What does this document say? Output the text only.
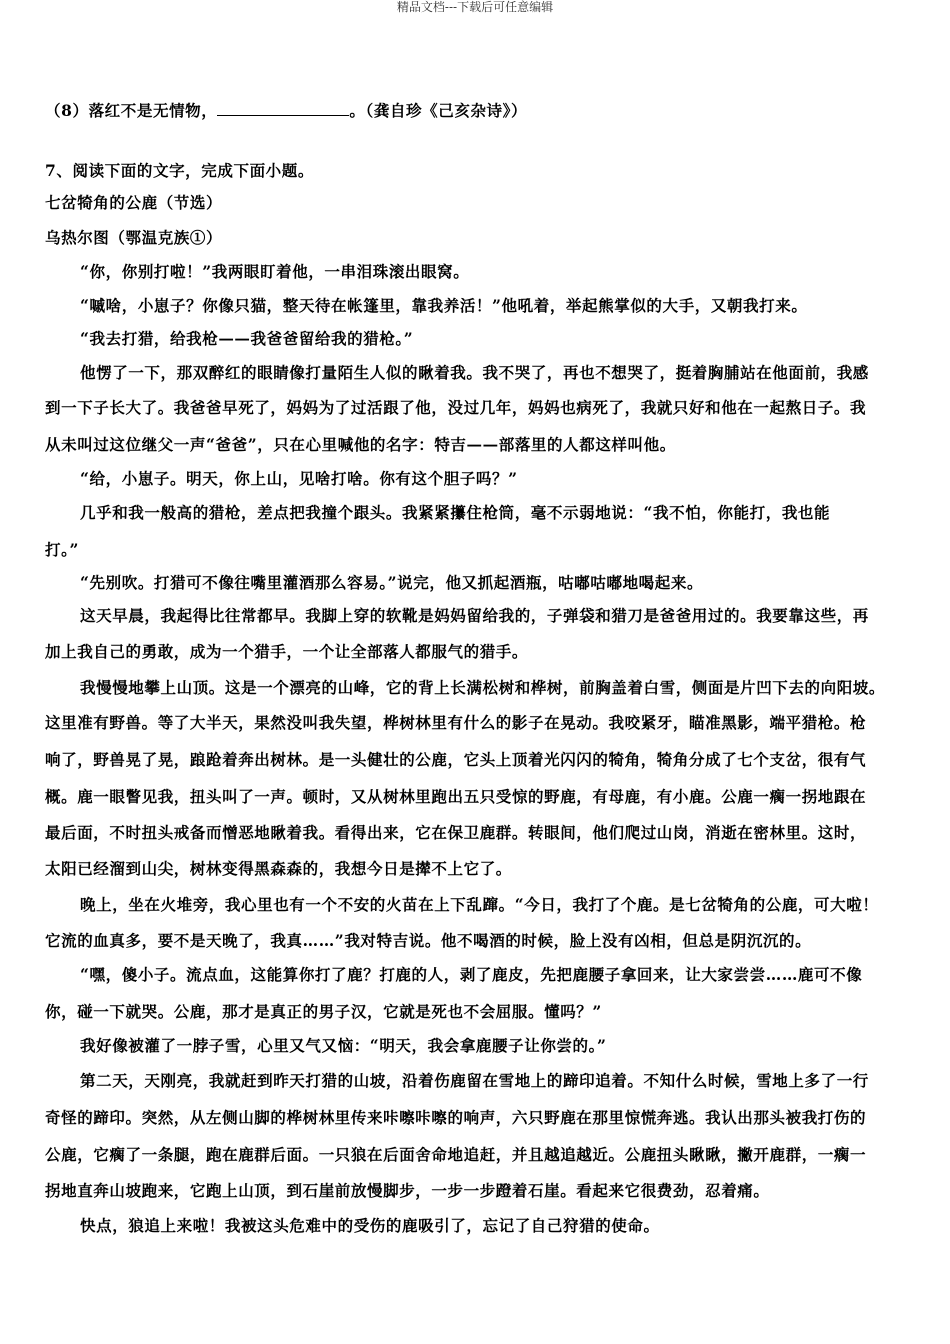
精品文档---下载后可任意编辑
（8）落红不是无情物，	。（龚自珍《己亥杂诗》）
7、阅读下面的文字，完成下面小题。
七岔犄角的公鹿（节选）
乌热尔图（鄂温克族①）
“你，你别打啦！”我两眼盯着他，一串泪珠滚出眼窝。
“嘁啥，小崽子？你像只猫，整天待在帐篷里，靠我养活！”他吼着，举起熊掌似的大手，又朝我打来。
“我去打猎，给我枪——我爸爸留给我的猎枪。”
他愣了一下，那双醉红的眼睛像打量陌生人似的瞅着我。我不哭了，再也不想哭了，挺着胸脯站在他面前，我感
到一下子长大了。我爸爸早死了，妈妈为了过活跟了他，没过几年，妈妈也病死了，我就只好和他在一起熬日子。我
从未叫过这位继父一声“爸爸”，只在心里喊他的名字：特吉——部落里的人都这样叫他。
“给，小崽子。明天，你上山，见啥打啥。你有这个胆子吗？”
几乎和我一般高的猎枪，差点把我撞个跟头。我紧紧攥住枪筒，毫不示弱地说：“我不怕，你能打，我也能
打。”
“先别吹。打猎可不像往嘴里灌酒那么容易。”说完，他又抓起酒瓶，咕嘟咕嘟地喝起来。
这天早晨，我起得比往常都早。我脚上穿的软靴是妈妈留给我的，子弹袋和猎刀是爸爸用过的。我要靠这些，再
加上我自己的勇敢，成为一个猎手，一个让全部落人都服气的猎手。
我慢慢地攀上山顶。这是一个漂亮的山峰，它的背上长满松树和桦树，前胸盖着白雪，侧面是片凹下去的向阳坡。
这里准有野兽。等了大半天，果然没叫我失望，桦树林里有什么的影子在晃动。我咬紧牙，瞄准黑影，端平猎枪。枪
响了，野兽晃了晃，踉跄着奔出树林。是一头健壮的公鹿，它头上顶着光闪闪的犄角，犄角分成了七个支岔，很有气
概。鹿一眼瞥见我，扭头叫了一声。顿时，又从树林里跑出五只受惊的野鹿，有母鹿，有小鹿。公鹿一瘸一拐地跟在
最后面，不时扭头戒备而憎恶地瞅着我。看得出来，它在保卫鹿群。转眼间，他们爬过山岗，消逝在密林里。这时，
太阳已经溜到山尖，树林变得黑森森的，我想今日是撵不上它了。
晚上，坐在火堆旁，我心里也有一个不安的火苗在上下乱蹿。“今日，我打了个鹿。是七岔犄角的公鹿，可大啦！
它流的血真多，要不是天晚了，我真……”我对特吉说。他不喝酒的时候，脸上没有凶相，但总是阴沉沉的。
“嘿，傻小子。流点血，这能算你打了鹿？打鹿的人，剥了鹿皮，先把鹿腰子拿回来，让大家尝尝……鹿可不像
你，碰一下就哭。公鹿，那才是真正的男子汉，它就是死也不会屈服。懂吗？”
我好像被灌了一脖子雪，心里又气又恼：“明天，我会拿鹿腰子让你尝的。”
第二天，天刚亮，我就赶到昨天打猎的山坡，沿着伤鹿留在雪地上的蹄印追着。不知什么时候，雪地上多了一行
奇怪的蹄印。突然，从左侧山脚的桦树林里传来咔嚓咔嚓的响声，六只野鹿在那里惊慌奔逃。我认出那头被我打伤的
公鹿，它瘸了一条腿，跑在鹿群后面。一只狼在后面舍命地追赶，并且越追越近。公鹿扭头瞅瞅，撇开鹿群，一瘸一
拐地直奔山坡跑来，它跑上山顶，到石崖前放慢脚步，一步一步蹬着石崖。看起来它很费劲，忍着痛。
快点，狼追上来啦！我被这头危难中的受伤的鹿吸引了，忘记了自己狩猎的使命。
